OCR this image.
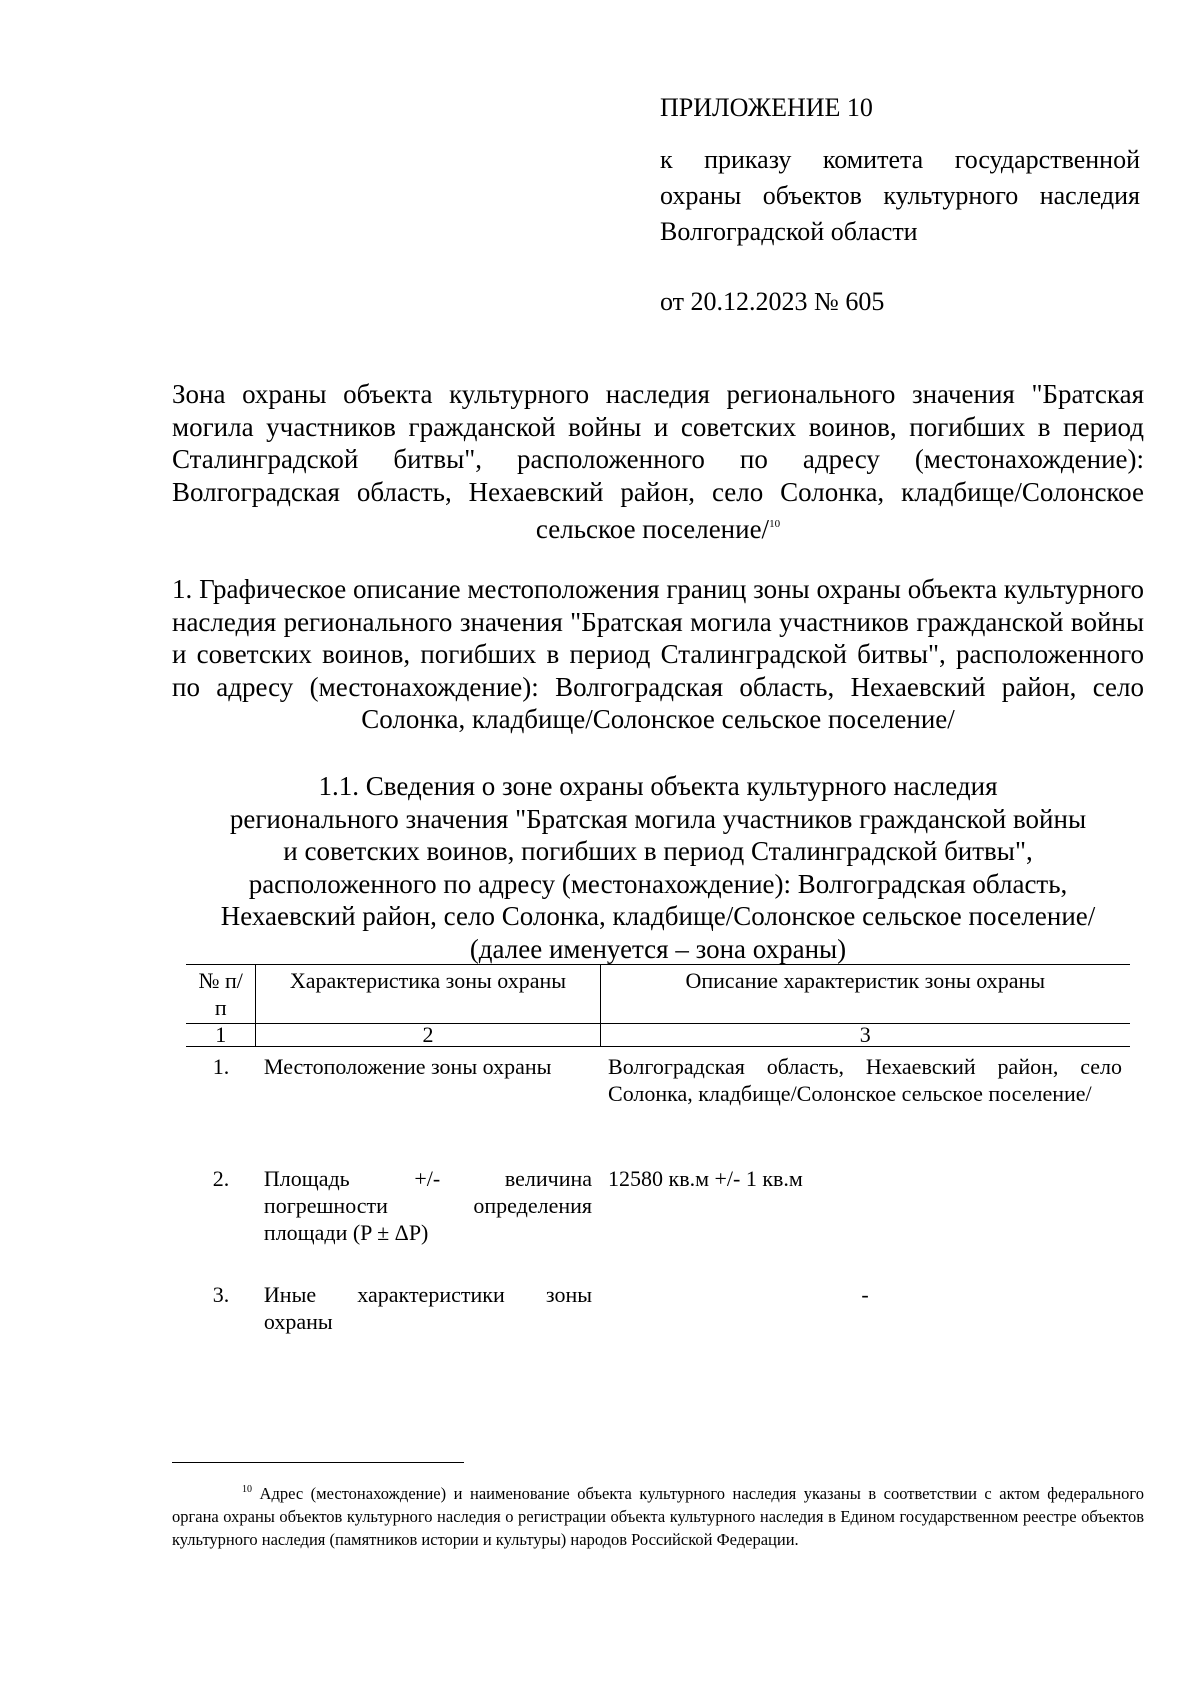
ПРИЛОЖЕНИЕ 10
к приказу комитета государственной охраны объектов культурного наследия Волгоградской области
от 20.12.2023 № 605
Зона охраны объекта культурного наследия регионального значения "Братская могила участников гражданской войны и советских воинов, погибших в период Сталинградской битвы", расположенного по адресу (местонахождение): Волгоградская область, Нехаевский район, село Солонка, кладбище/Солонское сельское поселение/$^{10}$
1. Графическое описание местоположения границ зоны охраны объекта культурного наследия регионального значения "Братская могила участников гражданской войны и советских воинов, погибших в период Сталинградской битвы", расположенного по адресу (местонахождение): Волгоградская область, Нехаевский район, село Солонка, кладбище/Солонское сельское поселение/
1.1. Сведения о зоне охраны объекта культурного наследия
регионального значения "Братская могила участников гражданской войны
и советских воинов, погибших в период Сталинградской битвы",
расположенного по адресу (местонахождение): Волгоградская область,
Нехаевский район, село Солонка, кладбище/Солонское сельское поселение/
(далее именуется – зона охраны)
№ п/п	Характеристика зоны охраны	Описание характеристик зоны охраны
1	2	3
1.	Местоположение зоны охраны	Волгоградская область, Нехаевский район, село Солонка, кладбище/Солонское сельское поселение/
2.	Площадь +/- величина погрешности определения площади (P ± ΔP)	12580 кв.м +/- 1 кв.м
3.	Иные характеристики зоны охраны	-
$^{10}$ Адрес (местонахождение) и наименование объекта культурного наследия указаны в соответствии с актом федерального органа охраны объектов культурного наследия о регистрации объекта культурного наследия в Едином государственном реестре объектов культурного наследия (памятников истории и культуры) народов Российской Федерации.
